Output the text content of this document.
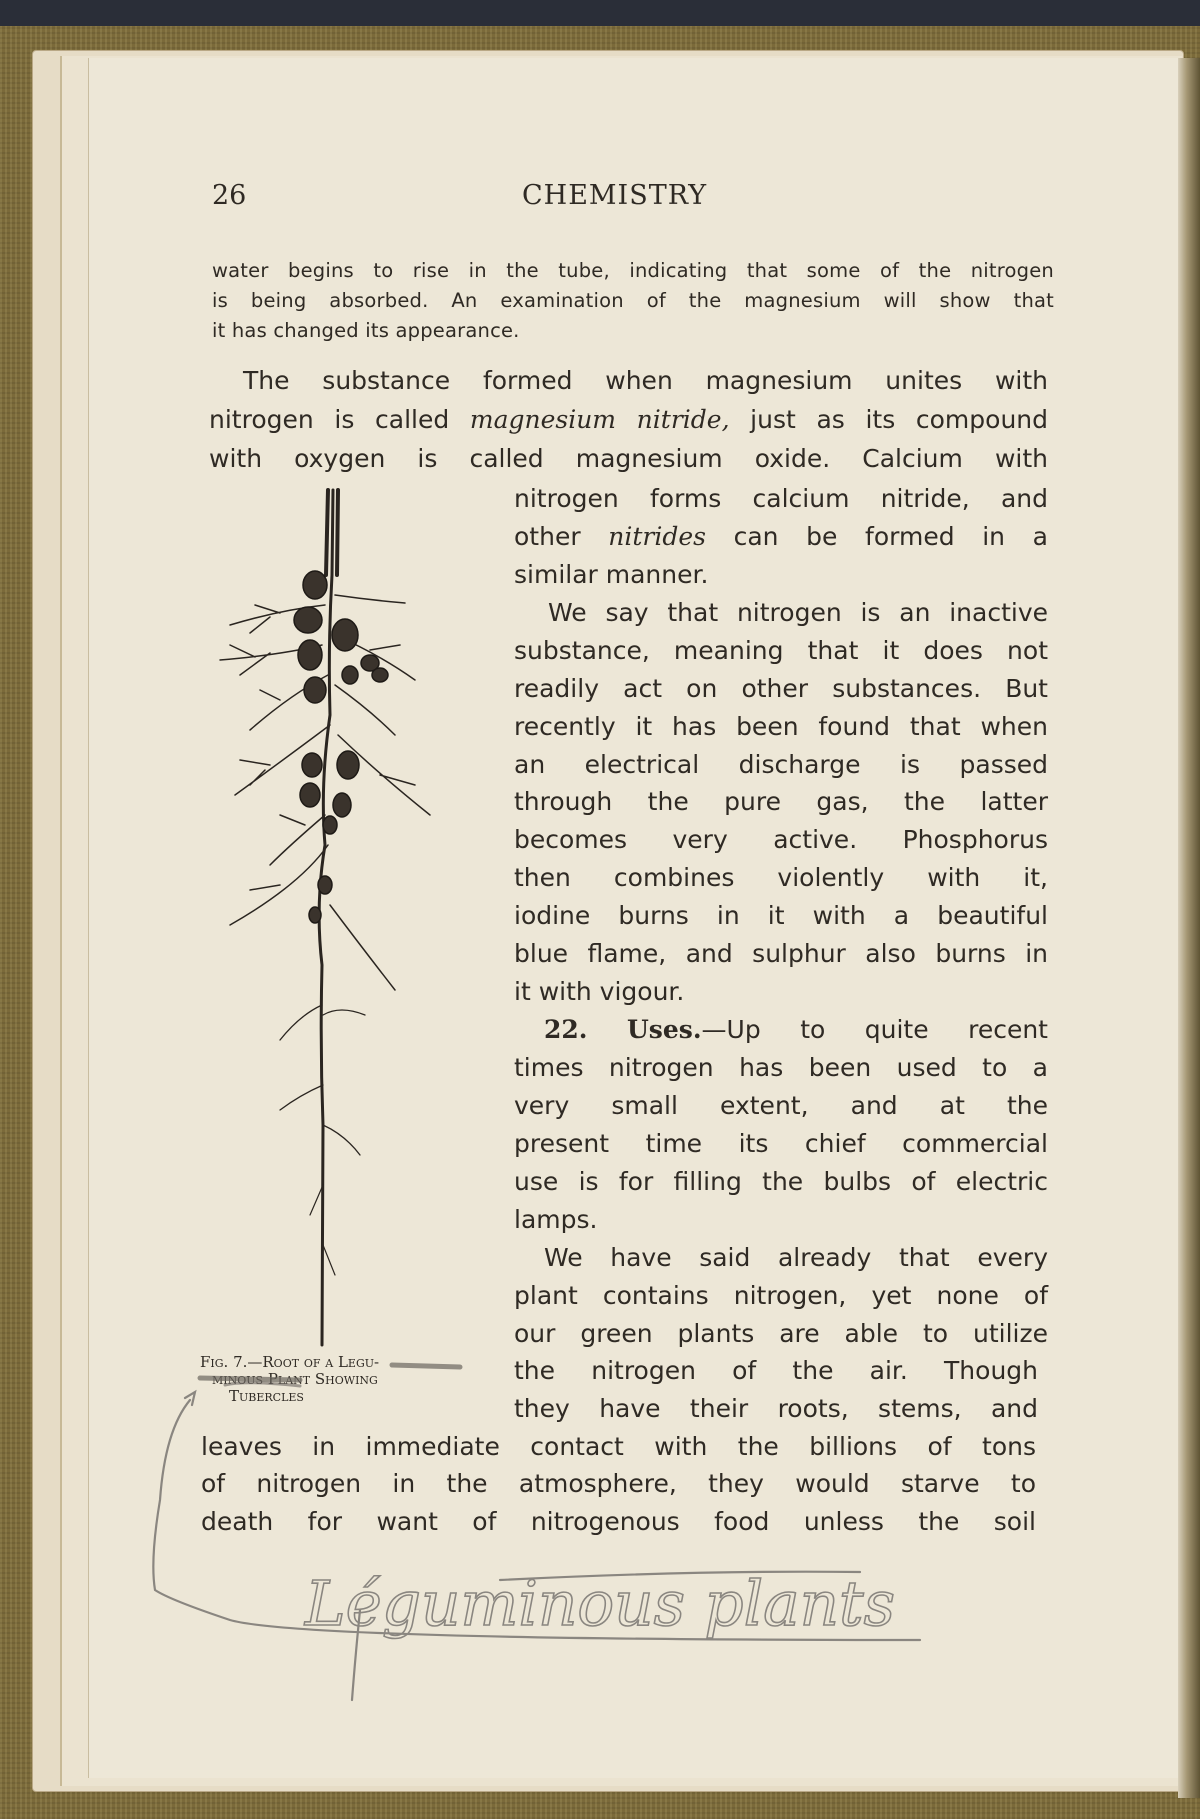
26	CHEMISTRY
water begins to rise in the tube, indicating that some of the nitrogen
is being absorbed. An examination of the magnesium will show that
it has changed its appearance.
The substance formed when magnesium unites with
nitrogen is called magnesium nitride, just as its compound
with oxygen is called magnesium oxide. Calcium with
nitrogen forms calcium nitride, and
other nitrides can be formed in a
similar manner.
We say that nitrogen is an inactive
substance, meaning that it does not
readily act on other substances. But
recently it has been found that when
an electrical discharge is passed
through the pure gas, the latter
becomes very active. Phosphorus
then combines violently with it,
iodine burns in it with a beautiful
blue flame, and sulphur also burns in
it with vigour.
22. Uses.—Up to quite recent
times nitrogen has been used to a
very small extent, and at the
present time its chief commercial
use is for filling the bulbs of electric
lamps.
We have said already that every
plant contains nitrogen, yet none of
our green plants are able to utilize
the nitrogen of the air. Though
they have their roots, stems, and
leaves in immediate contact with the billions of tons
of nitrogen in the atmosphere, they would starve to
death for want of nitrogenous food unless the soil
Fig. 7.—Root of a Legu-
minous Plant Showing
Tubercles
Léguminous plants
